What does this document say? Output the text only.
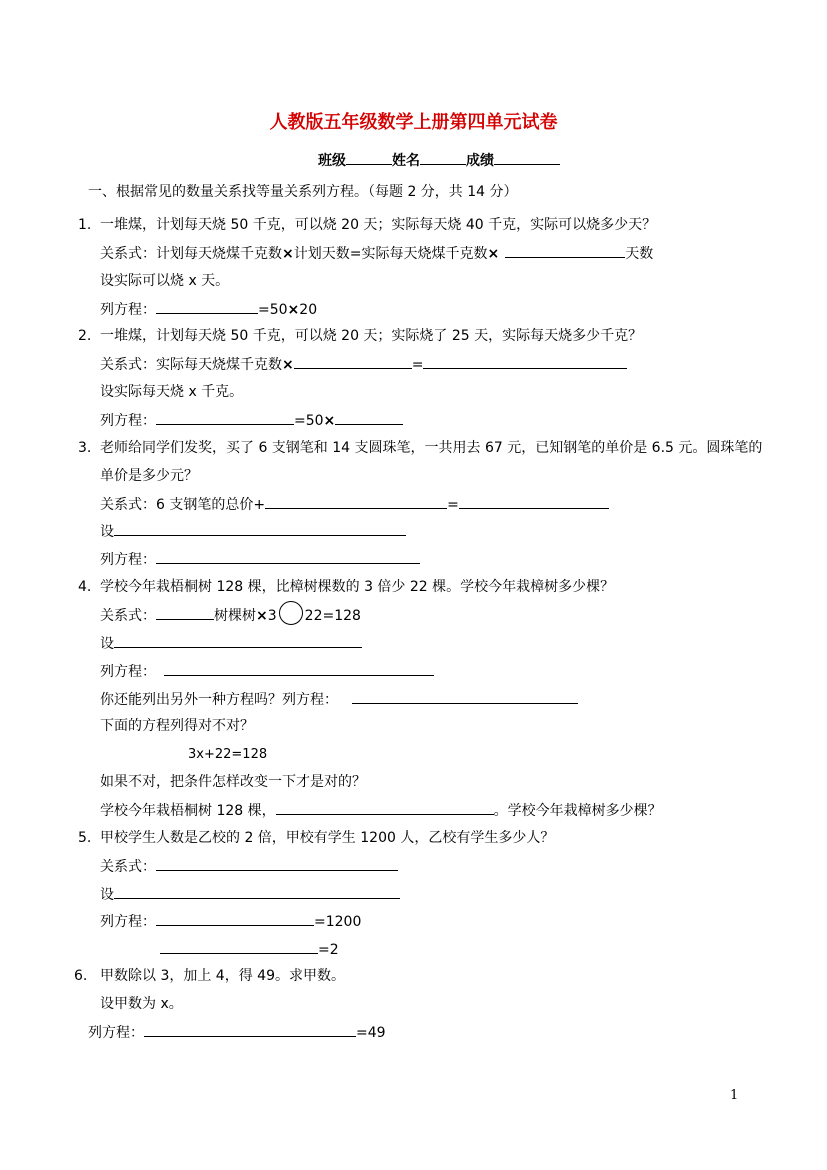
人教版五年级数学上册第四单元试卷
班级	姓名	成绩
一、根据常见的数量关系找等量关系列方程。（每题 2 分，共 14 分）
1. 一堆煤，计划每天烧 50 千克，可以烧 20 天；实际每天烧 40 千克，实际可以烧多少天？
关系式：计划每天烧煤千克数×计划天数=实际每天烧煤千克数×	天数
设实际可以烧 x 天。
列方程：	=50×20
2. 一堆煤，计划每天烧 50 千克，可以烧 20 天；实际烧了 25 天，实际每天烧多少千克？
关系式：实际每天烧煤千克数×	=
设实际每天烧 x 千克。
列方程：	=50×
3. 老师给同学们发奖，买了 6 支钢笔和 14 支圆珠笔，一共用去 67 元，已知钢笔的单价是 6.5 元。圆珠笔的
单价是多少元？
关系式：6 支钢笔的总价+	=
设
列方程：
4. 学校今年栽梧桐树 128 棵，比樟树棵数的 3 倍少 22 棵。学校今年栽樟树多少棵？
关系式：	树棵树×3 22=128
设
列方程：
你还能列出另外一种方程吗？列方程：
下面的方程列得对不对？
3x+22=128
如果不对，把条件怎样改变一下才是对的？
学校今年栽梧桐树 128 棵，	。学校今年栽樟树多少棵？
5. 甲校学生人数是乙校的 2 倍，甲校有学生 1200 人，乙校有学生多少人？
关系式：
设
列方程：	=1200
=2
6. 甲数除以 3，加上 4，得 49。求甲数。
设甲数为 x。
列方程：	=49
1
